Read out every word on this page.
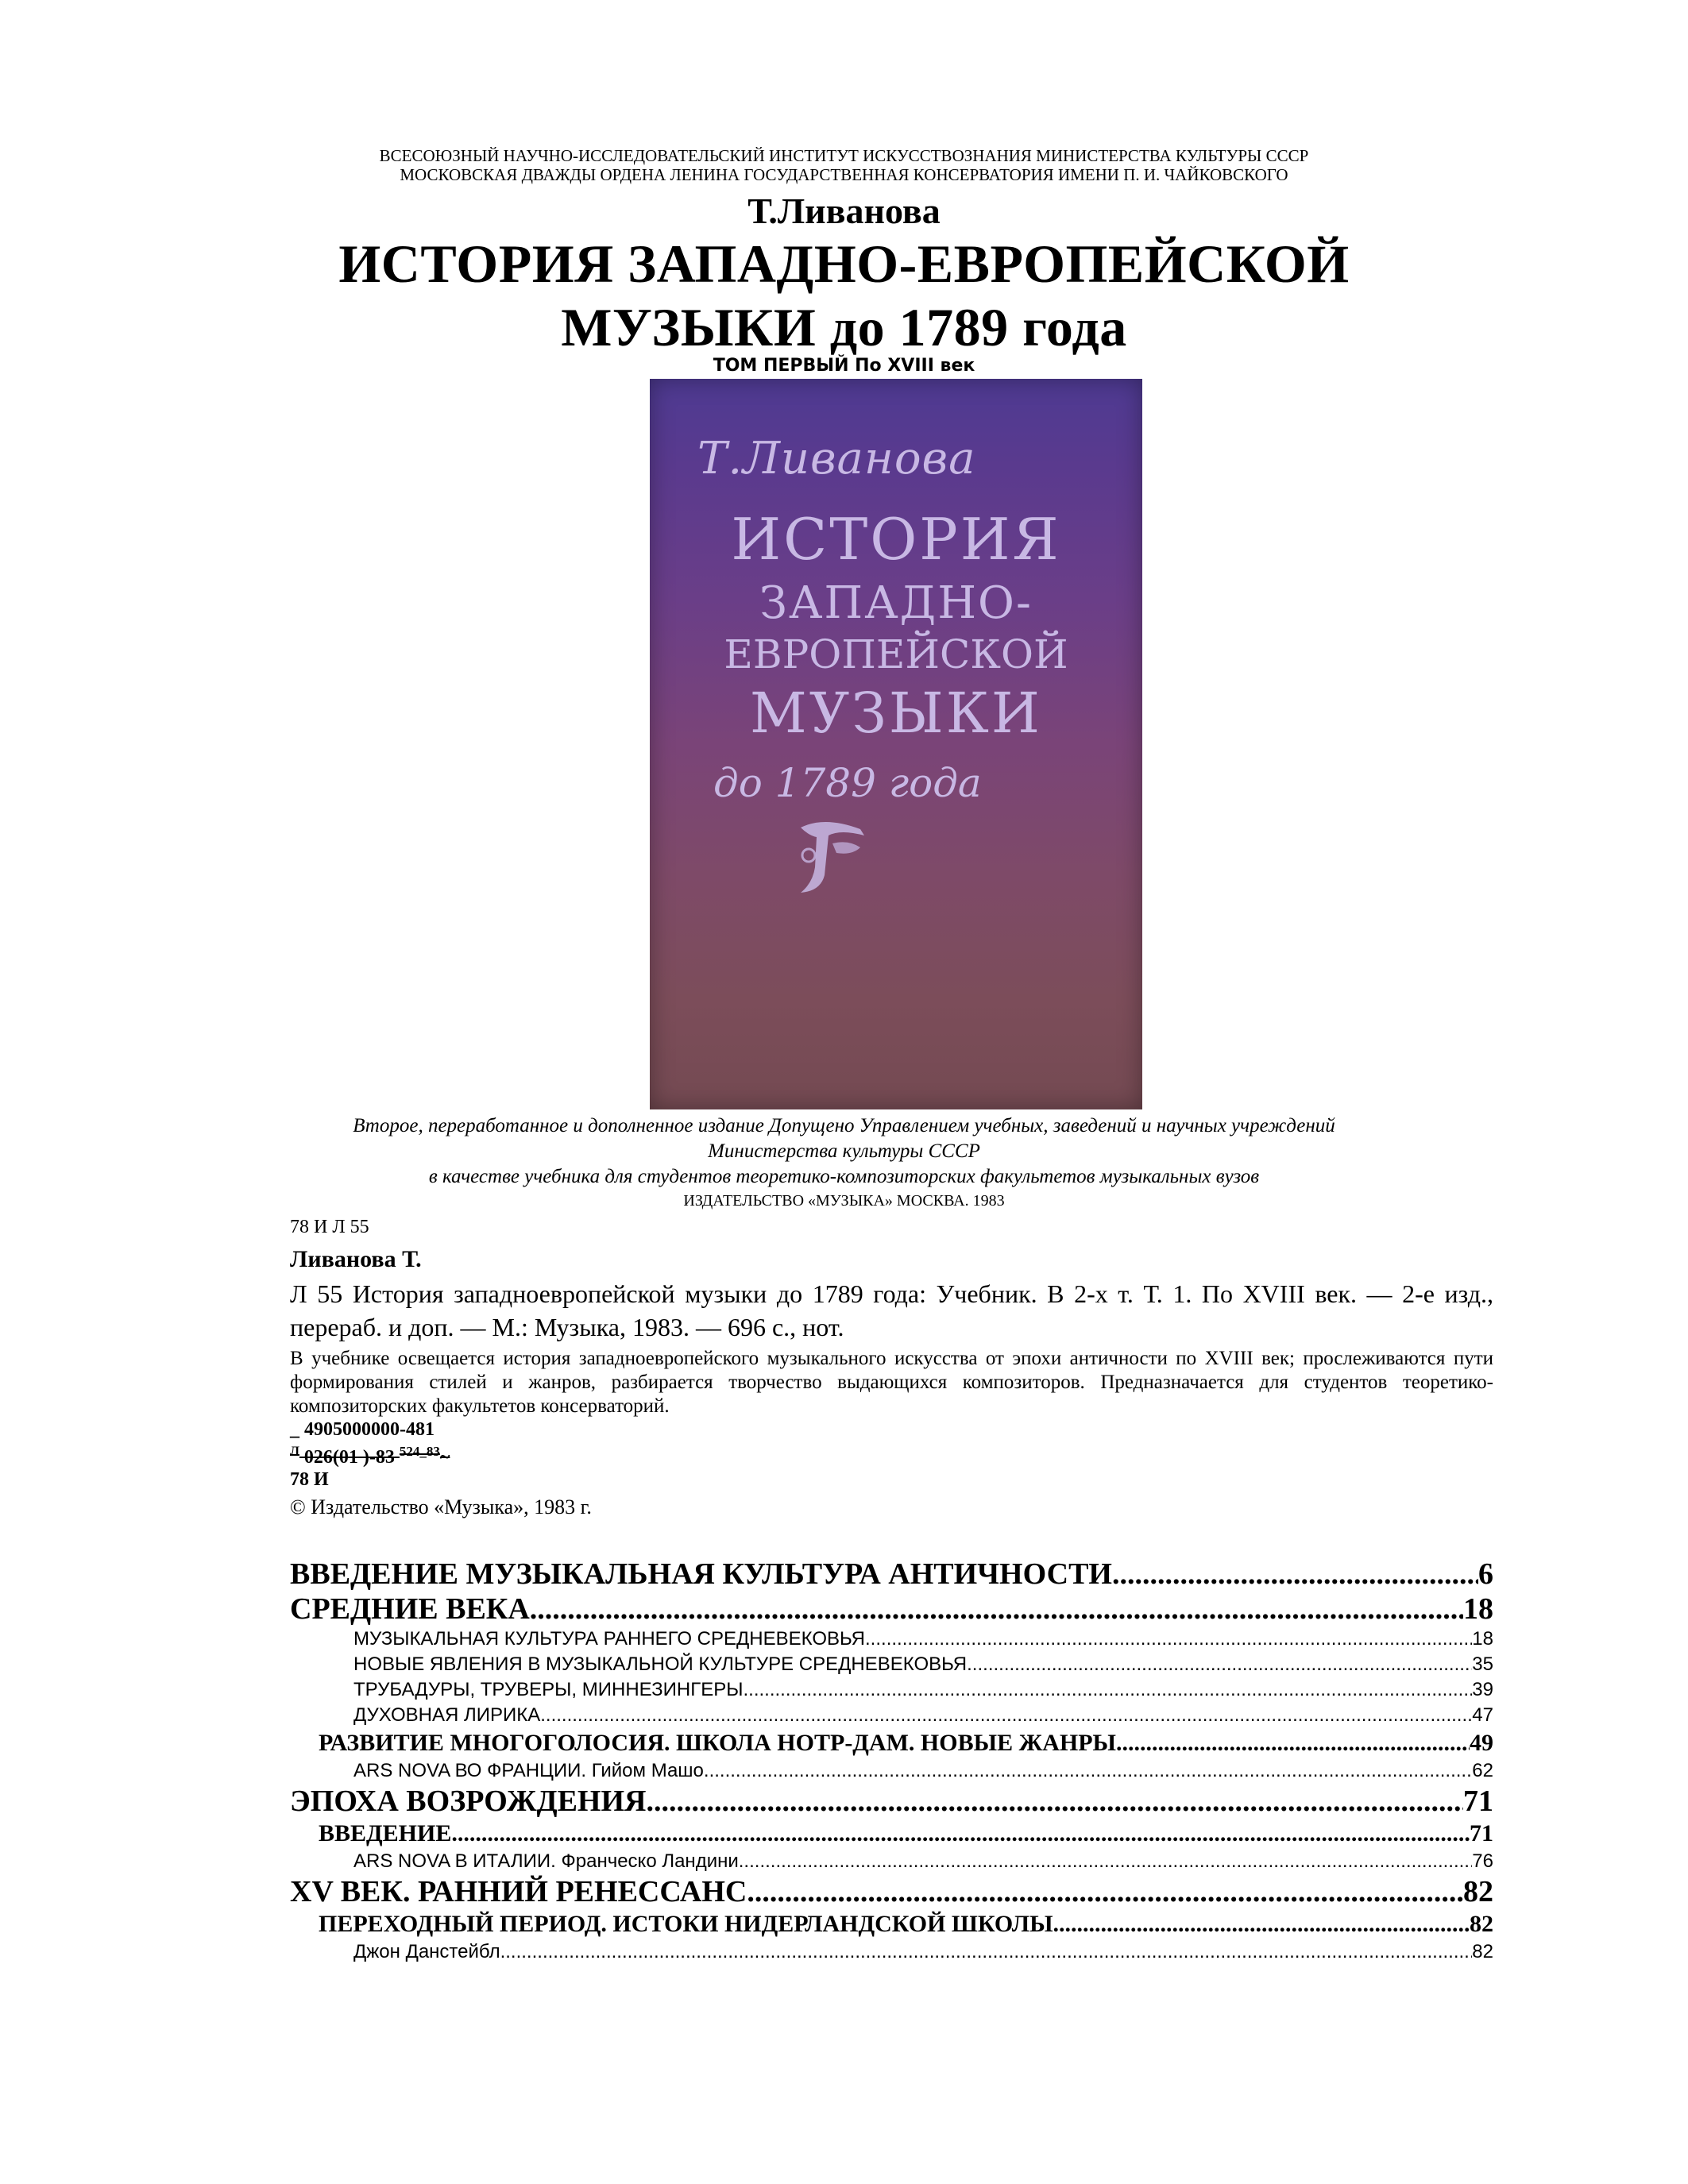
ВСЕСОЮЗНЫЙ НАУЧНО-ИССЛЕДОВАТЕЛЬСКИЙ ИНСТИТУТ ИСКУССТВОЗНАНИЯ МИНИСТЕРСТВА КУЛЬТУРЫ СССР
МОСКОВСКАЯ ДВАЖДЫ ОРДЕНА ЛЕНИНА ГОСУДАРСТВЕННАЯ КОНСЕРВАТОРИЯ ИМЕНИ П. И. ЧАЙКОВСКОГО
Т.Ливанова
ИСТОРИЯ ЗАПАДНО-ЕВРОПЕЙСКОЙ
МУЗЫКИ до 1789 года
ТОМ ПЕРВЫЙ По XVIII век
Т.Ливанова
ИСТОРИЯ
ЗАПАДНО-
ЕВРОПЕЙСКОЙ
МУЗЫКИ
до 1789 года
Второе, переработанное и дополненное издание Допущено Управлением учебных, заведений и научных учреждений
Министерства культуры СССР
в качестве учебника для студентов теоретико-композиторских факультетов музыкальных вузов
ИЗДАТЕЛЬСТВО «МУЗЫКА» МОСКВА. 1983
78 И Л 55
Ливанова Т.
Л 55 История западноевропейской музыки до 1789 года: Учебник. В 2-х т. Т. 1. По XVIII век. — 2-е изд., перераб. и доп. — М.: Музыка, 1983. — 696 с., нот.
В учебнике освещается история западноевропейского музыкального искусства от эпохи античности по XVIII век; прослеживаются пути формирования стилей и жанров, разбирается творчество выдающихся композиторов. Предназначается для студентов теоретико-композиторских факультетов консерваторий.
_ 4905000000-481
$^Л$ 026(01 )-83 $^{524\_83}$~
78 И
© Издательство «Музыка», 1983 г.
ВВЕДЕНИЕ МУЗЫКАЛЬНАЯ КУЛЬТУРА АНТИЧНОСТИ .....	6
СРЕДНИЕ ВЕКА .....	18
МУЗЫКАЛЬНАЯ КУЛЬТУРА РАННЕГО СРЕДНЕВЕКОВЬЯ .....	18
НОВЫЕ ЯВЛЕНИЯ В МУЗЫКАЛЬНОЙ КУЛЬТУРЕ СРЕДНЕВЕКОВЬЯ .....	35
ТРУБАДУРЫ, ТРУВЕРЫ, МИННЕЗИНГЕРЫ .....	39
ДУХОВНАЯ ЛИРИКА .....	47
РАЗВИТИЕ МНОГОГОЛОСИЯ. ШКОЛА НОТР-ДАМ. НОВЫЕ ЖАНРЫ .....	49
ARS NOVA ВО ФРАНЦИИ. Гийом Машо .....	62
ЭПОХА ВОЗРОЖДЕНИЯ .....	71
ВВЕДЕНИЕ .....	71
ARS NOVA В ИТАЛИИ. Франческо Ландини .....	76
XV ВЕК. РАННИЙ РЕНЕССАНС .....	82
ПЕРЕХОДНЫЙ ПЕРИОД. ИСТОКИ НИДЕРЛАНДСКОЙ ШКОЛЫ .....	82
Джон Данстейбл .....	82
